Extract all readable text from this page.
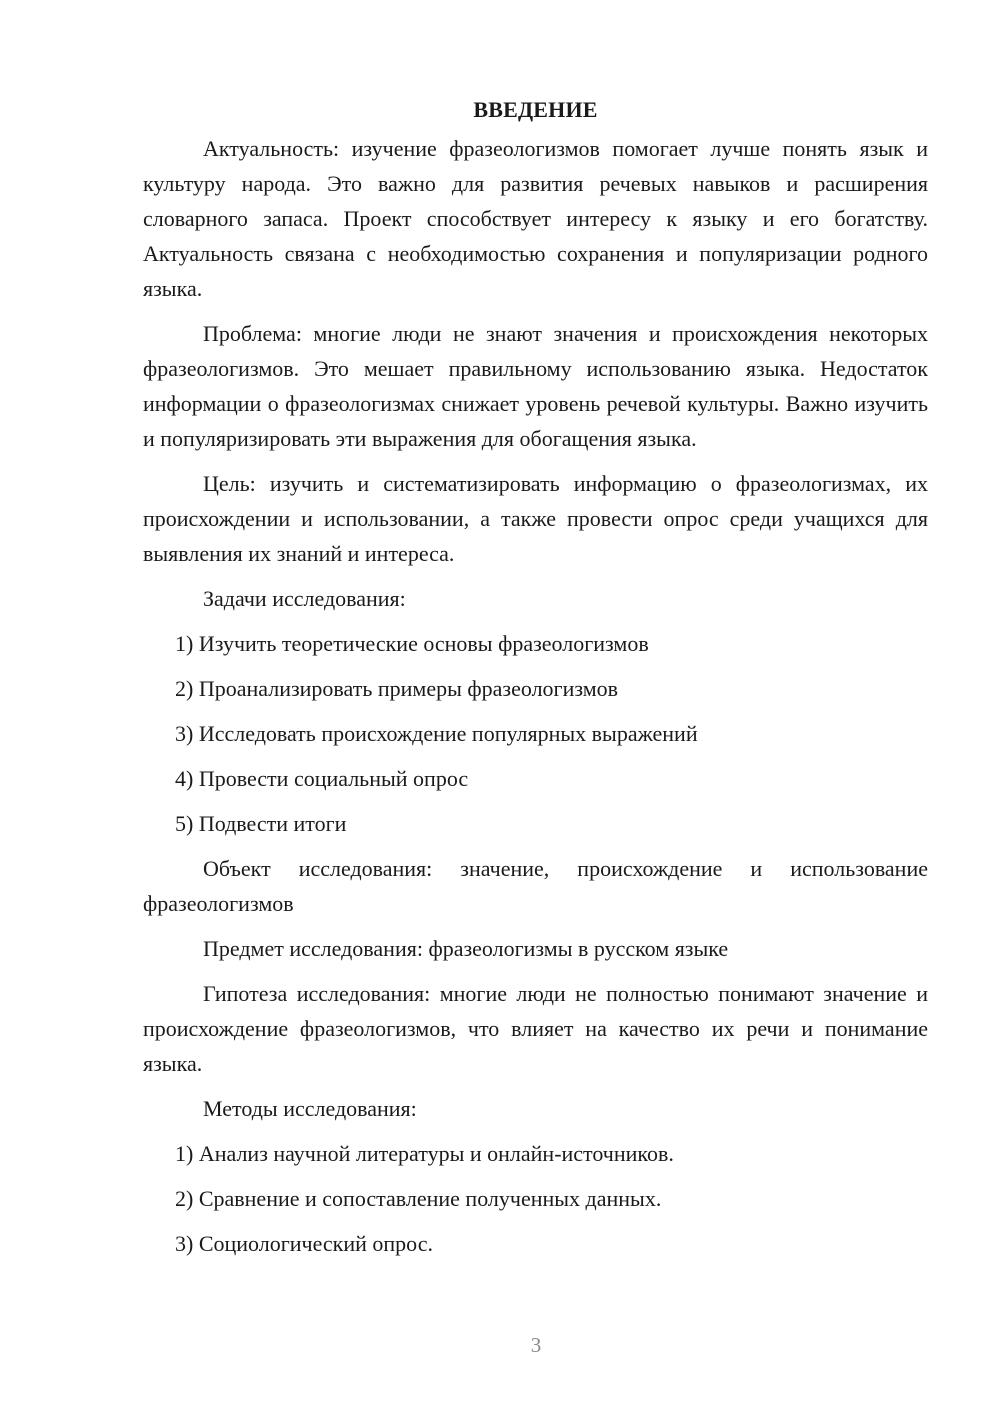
ВВЕДЕНИЕ

Актуальность: изучение фразеологизмов помогает лучше понять язык и культуру народа. Это важно для развития речевых навыков и расширения словарного запаса. Проект способствует интересу к языку и его богатству. Актуальность связана с необходимостью сохранения и популяризации родного языка.

Проблема: многие люди не знают значения и происхождения некоторых фразеологизмов. Это мешает правильному использованию языка. Недостаток информации о фразеологизмах снижает уровень речевой культуры. Важно изучить и популяризировать эти выражения для обогащения языка.

Цель: изучить и систематизировать информацию о фразеологизмах, их происхождении и использовании, а также провести опрос среди учащихся для выявления их знаний и интереса.

Задачи исследования:

1) Изучить теоретические основы фразеологизмов

2) Проанализировать примеры фразеологизмов

3) Исследовать происхождение популярных выражений

4) Провести социальный опрос

5) Подвести итоги

Объект исследования: значение, происхождение и использование фразеологизмов

Предмет исследования: фразеологизмы в русском языке

Гипотеза исследования: многие люди не полностью понимают значение и происхождение фразеологизмов, что влияет на качество их речи и понимание языка.

Методы исследования:

1) Анализ научной литературы и онлайн-источников.

2) Сравнение и сопоставление полученных данных.

3) Социологический опрос.

3
